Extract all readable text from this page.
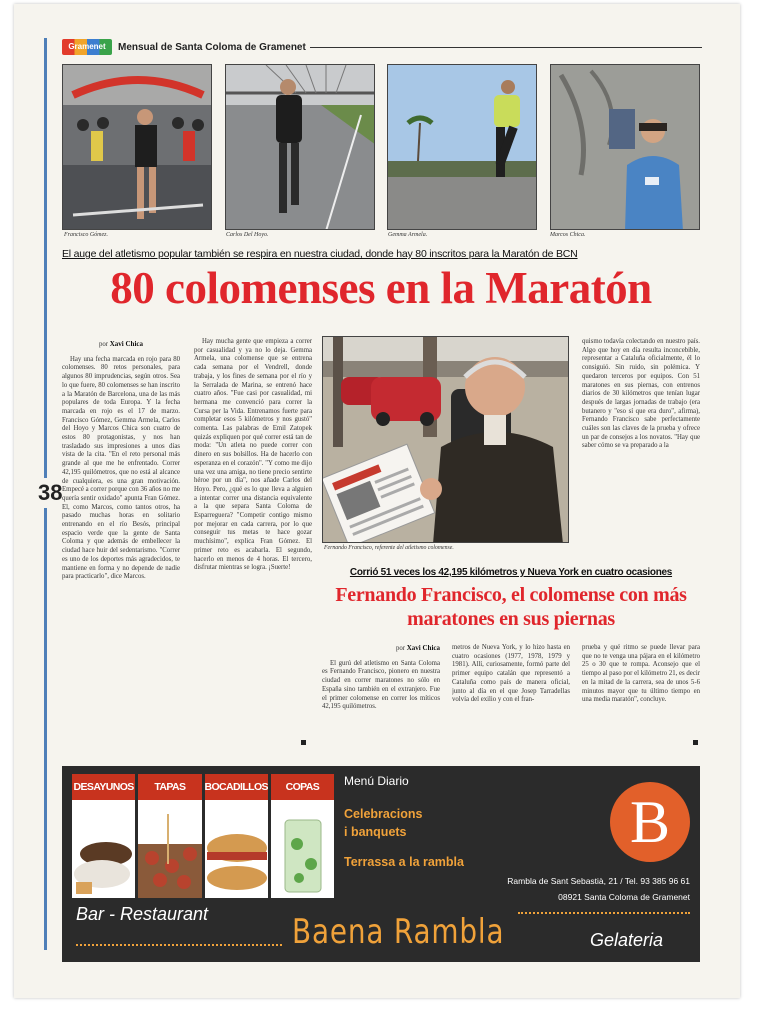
Gramenet	Mensual de Santa Coloma de Gramenet
Francisco Gómez.	Carlos Del Hoyo.	Gemma Armela.	Marcos Chica.
El auge del atletismo popular también se respira en nuestra ciudad, donde hay 80 inscritos para la Maratón de BCN
80 colomenses en la Maratón
38
por Xavi Chica

Hay una fecha marcada en rojo para 80 colomenses. 80 retos personales, para algunos 80 imprudencias, según otros. Sea lo que fuere, 80 colomenses se han inscrito a la Maratón de Barcelona, una de las más populares de toda Europa. Y la fecha marcada en rojo es el 17 de marzo. Francisco Gómez, Gemma Armela, Carlos del Hoyo y Marcos Chica son cuatro de estos 80 protagonistas, y nos han trasladado sus impresiones a unos días vista de la cita. "En el reto personal más grande al que me he enfrentado. Correr 42,195 quilómetros, que no está al alcance de cualquiera, es una gran motivación. Empecé a correr porque con 36 años no me quería sentir oxidado" apunta Fran Gómez. El, como Marcos, como tantos otros, ha pasado muchas horas en solitario entrenando en el río Besós, principal espacio verde que la gente de Santa Coloma y que además de embellecer la ciudad hace huir del sedentarismo. "Correr es uno de los deportes más agradecidos, te mantiene en forma y no depende de nadie para practicarlo", dice Marcos.

Hay mucha gente que empieza a correr por casualidad y ya no lo deja. Gemma Armela, una colomense que se entrena cada semana por el Vendrell, donde trabaja, y los fines de semana por el río y la Serralada de Marina, se entrenó hace cuatro años. "Fue casi por casualidad, mi hermana me convenció para correr la Cursa per la Vida. Entrenamos fuerte para completar esos 5 kilómetros y nos gustó" comenta. Las palabras de Emil Zatopek quizás expliquen por qué correr está tan de moda: "Un atleta no puede correr con dinero en sus bolsillos. Ha de hacerlo con esperanza en el corazón". "Y como me dijo una vez una amiga, no tiene precio sentirte héroe por un día", nos añade Carlos del Hoyo. Pero, ¿qué es lo que lleva a alguien a intentar correr una distancia equivalente a la que separa Santa Coloma de Esparreguera? "Competir contigo mismo por mejorar en cada carrera, por lo que conseguir tus metas te hace gozar muchísimo", explica Fran Gómez. El primer reto es acabarla. El segundo, hacerlo en menos de 4 horas. El tercero, disfrutar mientras se logra. ¡Suerte!

Fernando Francisco, referente del atletismo colomense.

quismo todavía colectando en nuestro país. Algo que hoy en día resulta inconcebible, representar a Cataluña oficialmente, él lo consiguió. Sin ruido, sin polémica. Y quedaron terceros por equipos. Con 51 maratones en sus piernas, con entrenos diarios de 30 kilómetros que tenían lugar después de largas jornadas de trabajo (era butanero y "eso sí que era duro", afirma), Fernando Francisco sabe perfectamente cuáles son las claves de la prueba y ofrece un par de consejos a los novatos. "Hay que saber cómo se va preparado a la

Corrió 51 veces los 42,195 kilómetros y Nueva York en cuatro ocasiones
Fernando Francisco, el colomense con más maratones en sus piernas
por Xavi Chica

El gurú del atletismo en Santa Coloma es Fernando Francisco, pionero en nuestra ciudad en correr maratones no sólo en España sino también en el extranjero. Fue el primer colomense en correr los míticos 42,195 quilómetros.

metros de Nueva York, y lo hizo hasta en cuatro ocasiones (1977, 1978, 1979 y 1981). Allí, curiosamente, formó parte del primer equipo catalán que representó a Cataluña como país de manera oficial, junto al día en el que Josep Tarradellas volvía del exilio y con el fran-

prueba y qué ritmo se puede llevar para que no te venga una pájara en el kilómetro 25 o 30 que te rompa. Aconsejo que el tiempo al paso por el kilómetro 21, es decir en la mitad de la carrera, sea de unos 5-6 minutos mayor que tu último tiempo en una media maratón", concluye.

DESAYUNOS	TAPAS	BOCADILLOS	COPAS	Menú Diario
Celebracions
i banquets
Terrassa a la rambla
B
Rambla de Sant Sebastià, 21 / Tel. 93 385 96 61
08921 Santa Coloma de Gramenet
Bar - Restaurant Baena Rambla	Gelateria
